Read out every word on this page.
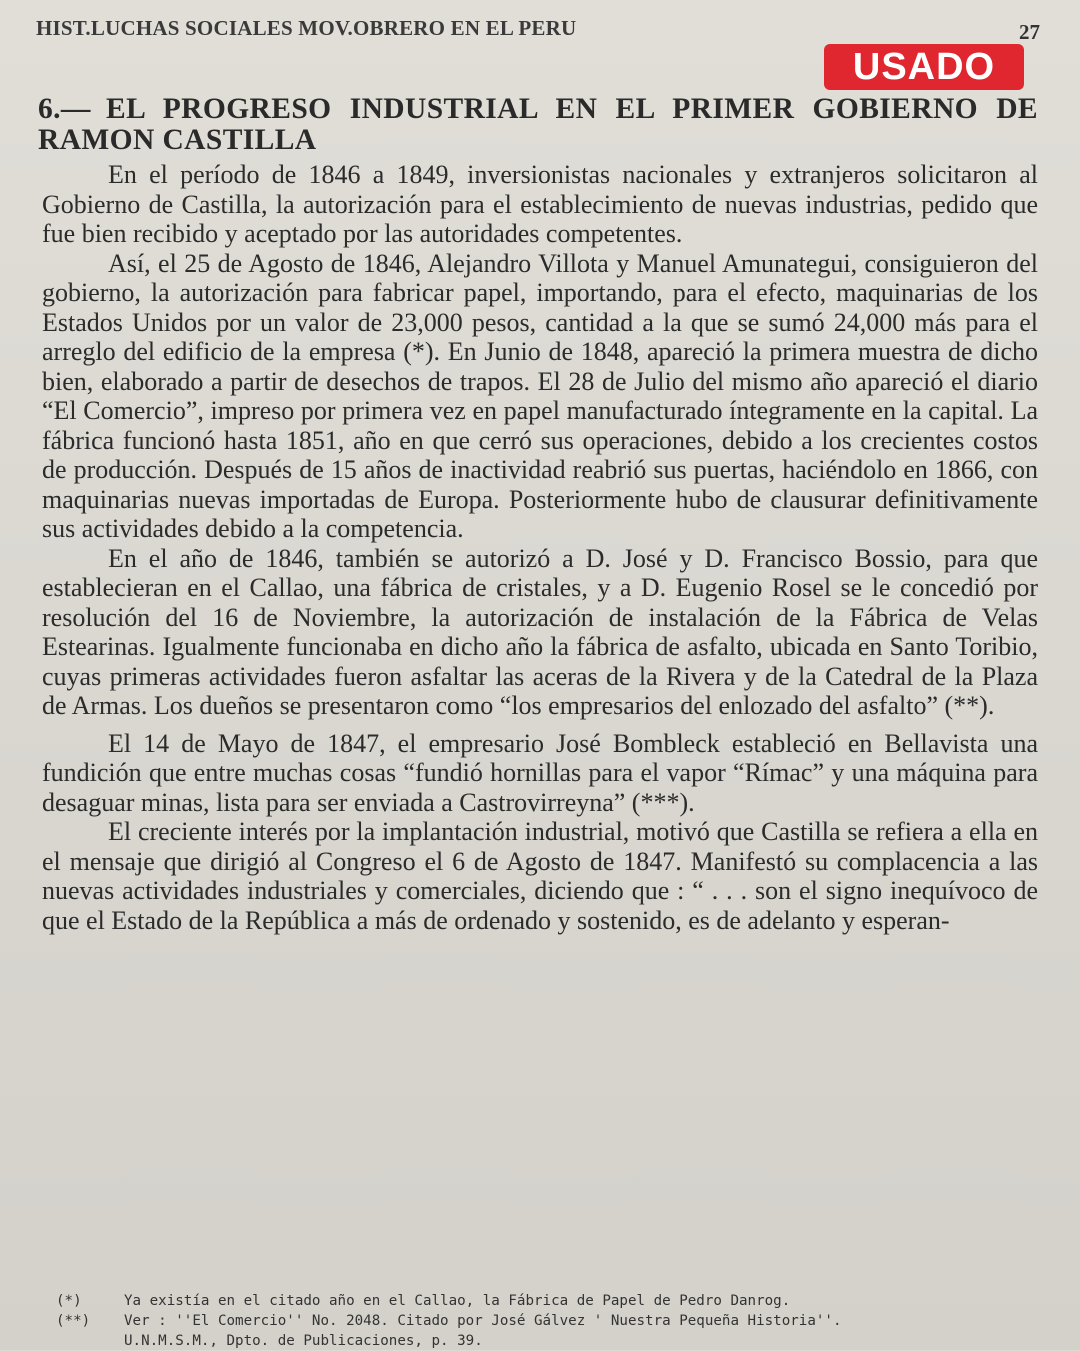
HIST.LUCHAS SOCIALES MOV.OBRERO EN EL PERU	27
USADO
6.— EL PROGRESO INDUSTRIAL EN EL PRIMER GOBIERNO DE RAMON CASTILLA

En el período de 1846 a 1849, inversionistas nacionales y extranjeros solicitaron al Gobierno de Castilla, la autorización para el establecimiento de nuevas industrias, pedido que fue bien recibido y aceptado por las autoridades competentes.

Así, el 25 de Agosto de 1846, Alejandro Villota y Manuel Amunategui, consiguieron del gobierno, la autorización para fabricar papel, importando, para el efecto, maquinarias de los Estados Unidos por un valor de 23,000 pesos, cantidad a la que se sumó 24,000 más para el arreglo del edificio de la empresa (*). En Junio de 1848, apareció la primera muestra de dicho bien, elaborado a partir de desechos de trapos. El 28 de Julio del mismo año apareció el diario “El Comercio”, impreso por primera vez en papel manufacturado íntegramente en la capital. La fábrica funcionó hasta 1851, año en que cerró sus operaciones, debido a los crecientes costos de producción. Después de 15 años de inactividad reabrió sus puertas, haciéndolo en 1866, con maquinarias nuevas importadas de Europa. Posteriormente hubo de clausurar definitivamente sus actividades debido a la competencia.

En el año de 1846, también se autorizó a D. José y D. Francisco Bossio, para que establecieran en el Callao, una fábrica de cristales, y a D. Eugenio Rosel se le concedió por resolución del 16 de Noviembre, la autorización de instalación de la Fábrica de Velas Estearinas. Igualmente funcionaba en dicho año la fábrica de asfalto, ubicada en Santo Toribio, cuyas primeras actividades fueron asfaltar las aceras de la Rivera y de la Catedral de la Plaza de Armas. Los dueños se presentaron como “los empresarios del enlozado del asfalto” (**).

El 14 de Mayo de 1847, el empresario José Bombleck estableció en Bellavista una fundición que entre muchas cosas “fundió hornillas para el vapor “Rímac” y una máquina para desaguar minas, lista para ser enviada a Castrovirreyna” (***).

El creciente interés por la implantación industrial, motivó que Castilla se refiera a ella en el mensaje que dirigió al Congreso el 6 de Agosto de 1847. Manifestó su complacencia a las nuevas actividades industriales y comerciales, diciendo que : “ . . . son el signo inequívoco de que el Estado de la República a más de ordenado y sostenido, es de adelanto y esperan-

(*)	Ya existía en el citado año en el Callao, la Fábrica de Papel de Pedro Danrog.
(**)	Ver : ''El Comercio'' No. 2048. Citado por José Gálvez ' Nuestra Pequeña Historia''.
U.N.M.S.M., Dpto. de Publicaciones, p. 39.
